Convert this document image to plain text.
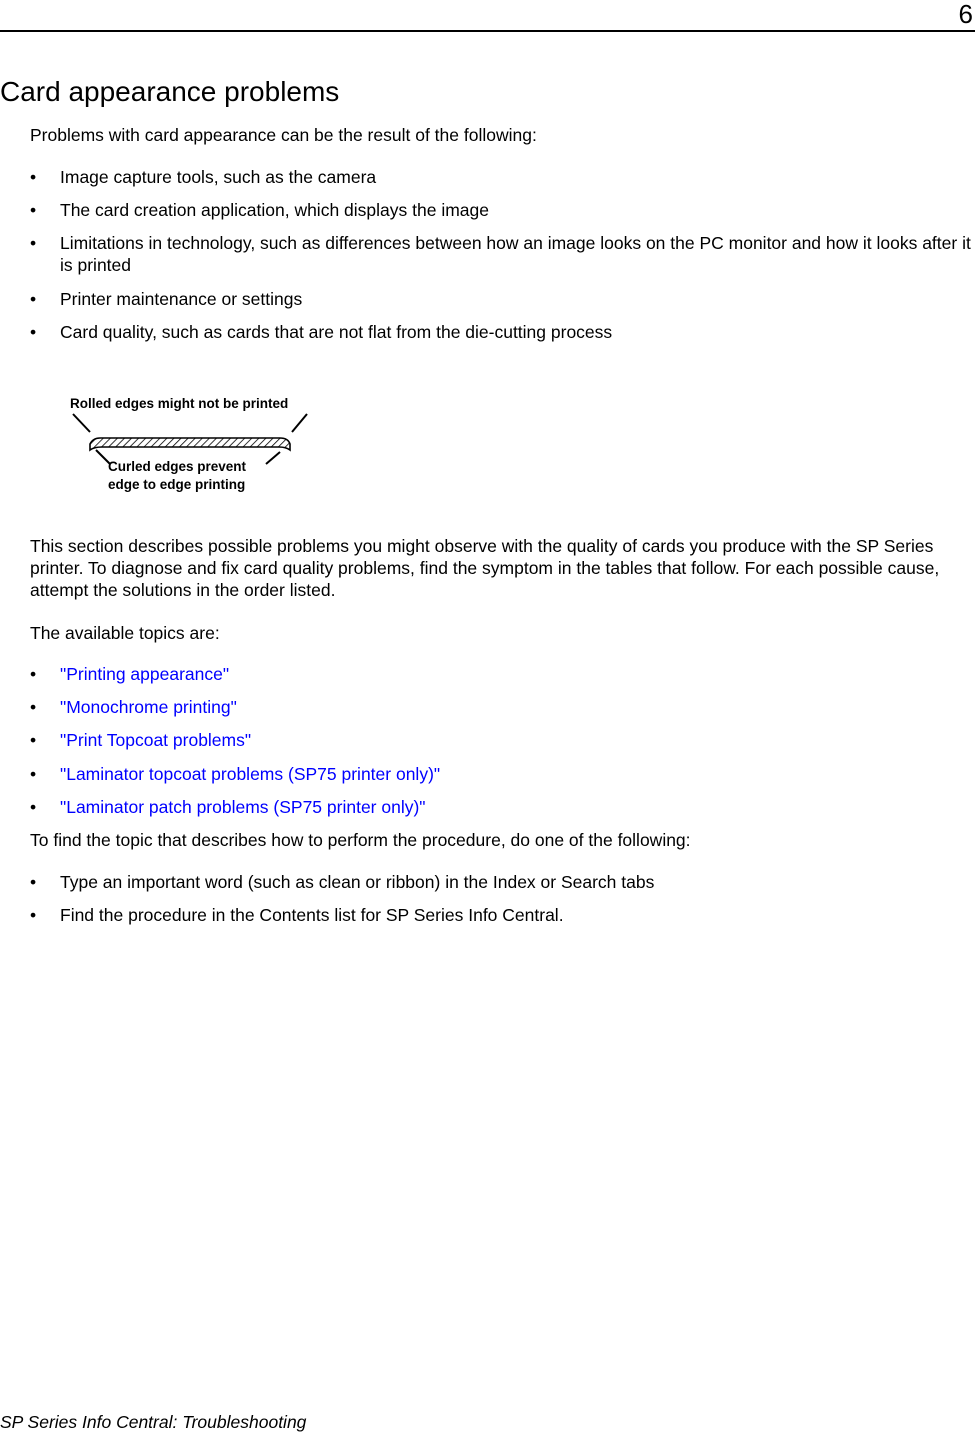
6
Card appearance problems

Problems with card appearance can be the result of the following:

• Image capture tools, such as the camera
• The card creation application, which displays the image
• Limitations in technology, such as differences between how an image looks on the PC monitor and how it looks after it is printed
• Printer maintenance or settings
• Card quality, such as cards that are not flat from the die-cutting process

This section describes possible problems you might observe with the quality of cards you produce with the SP Series printer. To diagnose and fix card quality problems, find the symptom in the tables that follow. For each possible cause, attempt the solutions in the order listed.

The available topics are:

• "Printing appearance"
• "Monochrome printing"
• "Print Topcoat problems"
• "Laminator topcoat problems (SP75 printer only)"
• "Laminator patch problems (SP75 printer only)"

To find the topic that describes how to perform the procedure, do one of the following:

• Type an important word (such as clean or ribbon) in the Index or Search tabs
• Find the procedure in the Contents list for SP Series Info Central.
Rolled edges might not be printed
Curled edges prevent
edge to edge printing
SP Series Info Central: Troubleshooting
